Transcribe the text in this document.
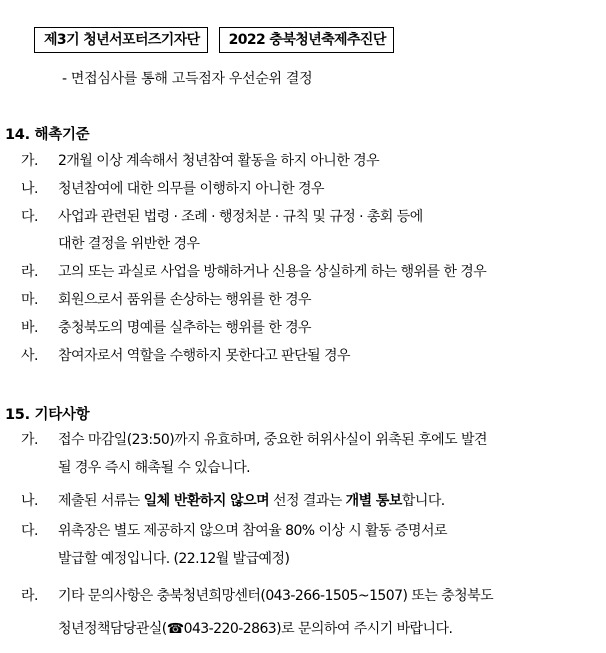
제3기 청년서포터즈기자단	2022 충북청년축제추진단
- 면접심사를 통해 고득점자 우선순위 결정
14. 해촉기준
가. 2개월 이상 계속해서 청년참여 활동을 하지 아니한 경우
나. 청년참여에 대한 의무를 이행하지 아니한 경우
다. 사업과 관련된 법령 · 조례 · 행정처분 · 규칙 및 규정 · 총회 등에
대한 결정을 위반한 경우
라. 고의 또는 과실로 사업을 방해하거나 신용을 상실하게 하는 행위를 한 경우
마. 회원으로서 품위를 손상하는 행위를 한 경우
바. 충청북도의 명예를 실추하는 행위를 한 경우
사. 참여자로서 역할을 수행하지 못한다고 판단될 경우
15. 기타사항
가. 접수 마감일(23:50)까지 유효하며, 중요한 허위사실이 위촉된 후에도 발견
될 경우 즉시 해촉될 수 있습니다.
나. 제출된 서류는 일체 반환하지 않으며 선정 결과는 개별 통보합니다.
다. 위촉장은 별도 제공하지 않으며 참여율 80% 이상 시 활동 증명서로
발급할 예정입니다. (22.12월 발급예정)
라. 기타 문의사항은 충북청년희망센터(043-266-1505~1507) 또는 충청북도
청년정책담당관실(☎043-220-2863)로 문의하여 주시기 바랍니다.
